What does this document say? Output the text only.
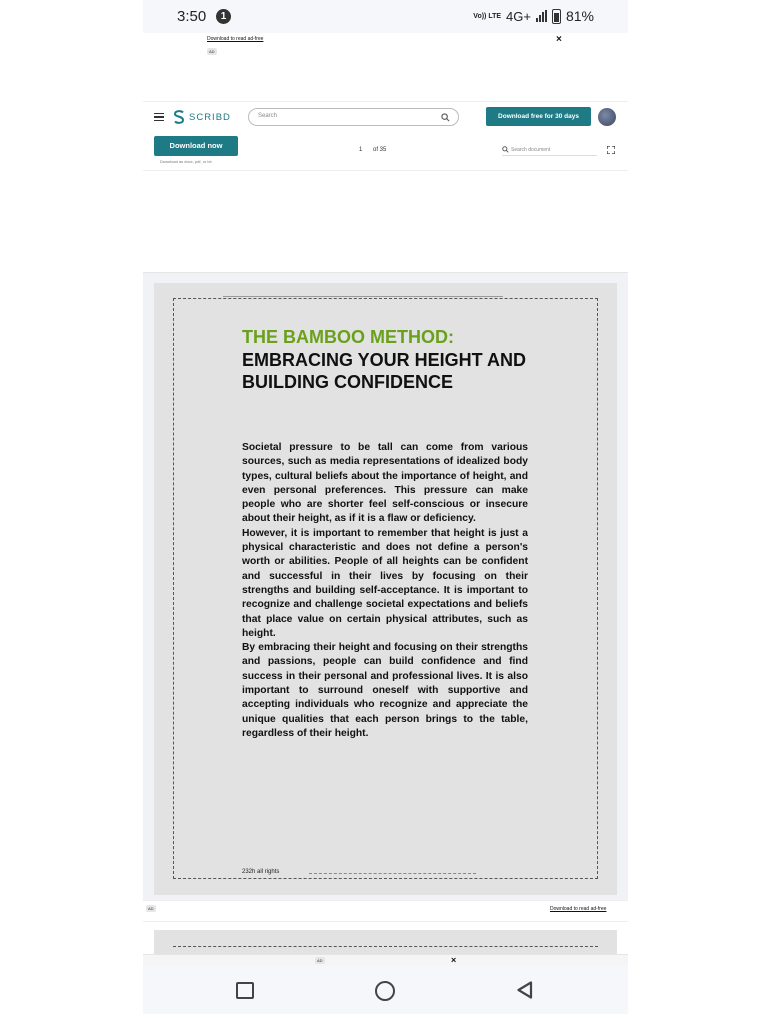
3:50	1	Vo)) LTE 4G+	81%
Download to read ad-free	×
AD
SCRIBD	Search	Download free for 30 days
Download now
Download as docx, pdf, or txt
1 of 35	Search document
THE BAMBOO METHOD:
EMBRACING YOUR HEIGHT AND BUILDING CONFIDENCE

Societal pressure to be tall can come from various sources, such as media representations of idealized body types, cultural beliefs about the importance of height, and even personal preferences. This pressure can make people who are shorter feel self-conscious or insecure about their height, as if it is a flaw or deficiency.

However, it is important to remember that height is just a physical characteristic and does not define a person's worth or abilities. People of all heights can be confident and successful in their lives by focusing on their strengths and building self-acceptance. It is important to recognize and challenge societal expectations and beliefs that place value on certain physical attributes, such as height.

By embracing their height and focusing on their strengths and passions, people can build confidence and find success in their personal and professional lives. It is also important to surround oneself with supportive and accepting individuals who recognize and appreciate the unique qualities that each person brings to the table, regardless of their height.

232h all rights
AD	Download to read ad-free
AD	×
